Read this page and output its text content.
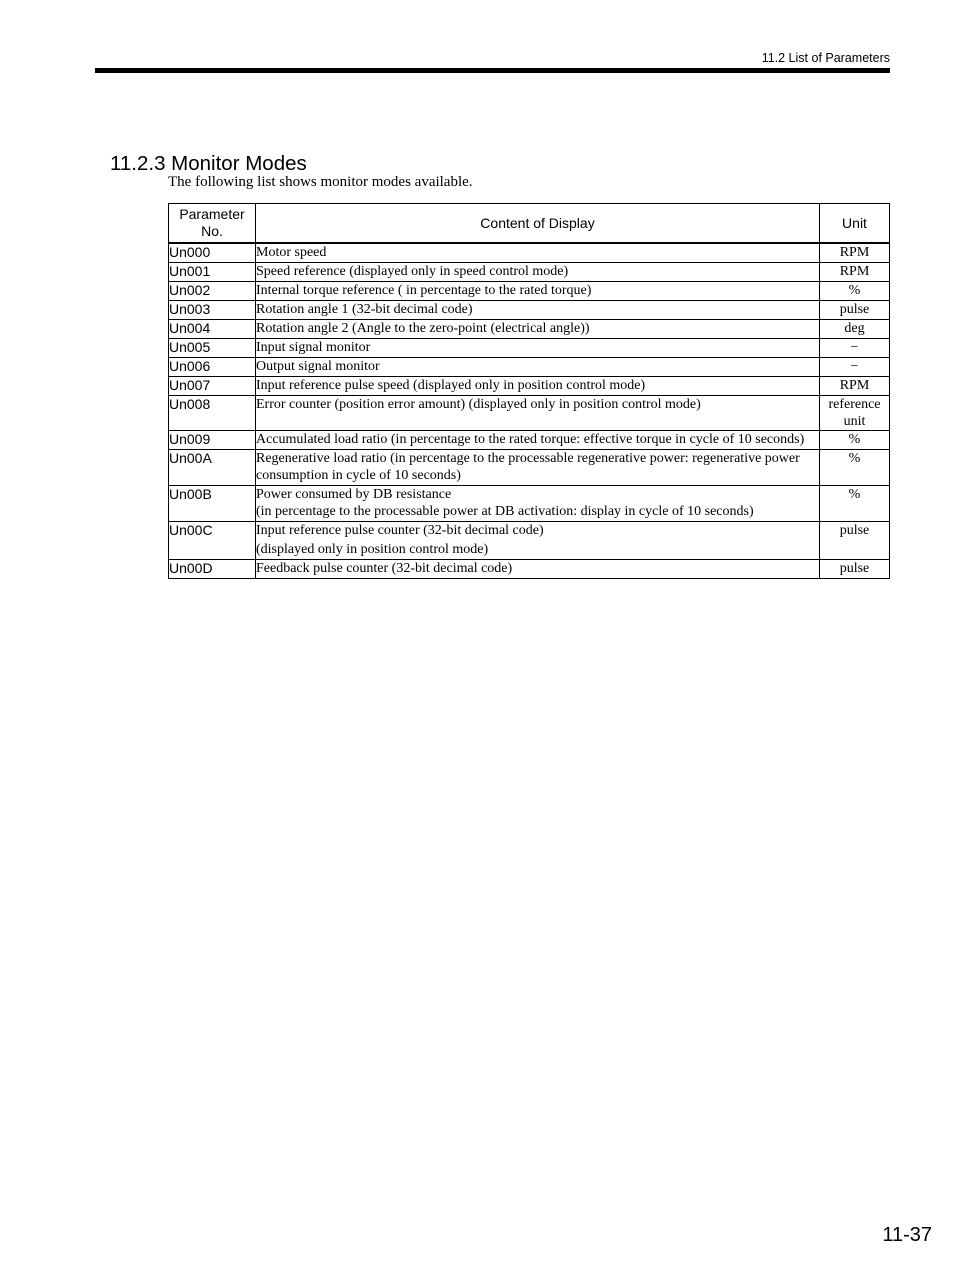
11.2 List of Parameters
11.2.3 Monitor Modes
The following list shows monitor modes available.
Parameter
No.	Content of Display	Unit
Un000	Motor speed	RPM
Un001	Speed reference (displayed only in speed control mode)	RPM
Un002	Internal torque reference ( in percentage to the rated torque)	%
Un003	Rotation angle 1 (32-bit decimal code)	pulse
Un004	Rotation angle 2 (Angle to the zero-point (electrical angle))	deg
Un005	Input signal monitor	−
Un006	Output signal monitor	−
Un007	Input reference pulse speed (displayed only in position control mode)	RPM
Un008	Error counter (position error amount) (displayed only in position control mode)	reference
unit
Un009	Accumulated load ratio (in percentage to the rated torque: effective torque in cycle of 10 seconds)	%
Un00A	Regenerative load ratio (in percentage to the processable regenerative power: regenerative power consumption in cycle of 10 seconds)	%
Un00B	Power consumed by DB resistance
(in percentage to the processable power at DB activation: display in cycle of 10 seconds)	%
Un00C	Input reference pulse counter (32-bit decimal code)
(displayed only in position control mode)	pulse
Un00D	Feedback pulse counter (32-bit decimal code)	pulse
11-37
